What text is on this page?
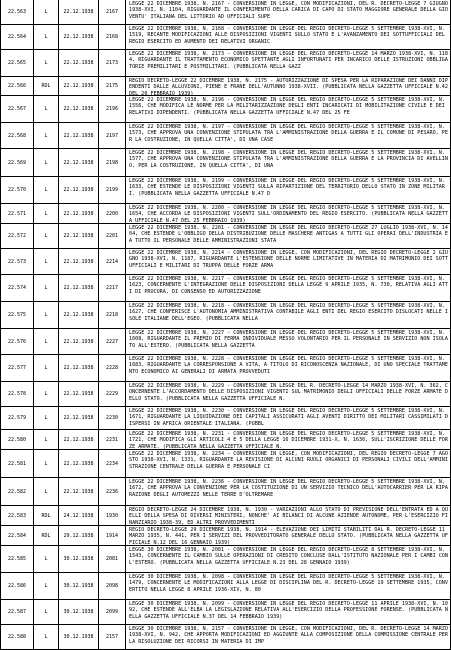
22.563	L	22.12.1938	2167
LEGGE 22 DICEMBRE 1938, N. 2167 - CONVERSIONE IN LEGGE, CON MODIFICAZIONI, DEL R. DECRETO-LEGGE 7 GIUGNO 1938-XVI, N. 1104, RIGUARDANTE IL CONFERIMENTO DELLA CARICA DI CAPO DI STATO MAGGIORE GENERALE DELLA GIOVENTU' ITALIANA DEL LITTORIO AD UFFICIALI SUPE
22.564	L	22.12.1938	2168
LEGGE 22 DICEMBRE 1938, N. 2168 - CONVERSIONE IN LEGGE DEL REGIO DECRETO-LEGGE 5 SETTEMBRE 1938-XVI, N. 1519, RECANTE MODIFICAZIONI ALLE DISPOSIZIONI VIGENTI SULLO STATO E L'AVANZAMENTO DEI SOTTUFFICIALI DEL REGIO ESERCITO ED AUMENTO DEI RELATIVI ORGANIC
22.565	L	22.12.1938	2173
LEGGE 22 DICEMBRE 1938, N. 2173 - CONVERSIONE IN LEGGE DEL REGIO DECRETO-LEGGE 14 MARZO 1938-XVI, N. 1184, RIGUARDANTE IL TRATTAMENTO ECONOMICO SPETTANTE AGLI INFORTUNATI PER INCARICO DELLE ISTRUZIONI OBBLIGATORIE PREMILITARI E POSTMILITARI. (PUBBLICATA NELLA GAZZ
22.566	RDL	22.12.1938	2175
REGIO DECRETO-LEGGE 22 DICEMBRE 1938, N. 2175 - AUTORIZZAZIONE DI SPESA PER LA RIPARAZIONE DEI DANNI DIPENDENTI DALLE ALLUVIONI, PIENE E FRANE DELL'AUTUNNO 1938-XVII. (PUBBLICATA NELLA GAZZETTA UFFICIALE N.42 DEL 20 FEBBRAIO 1939)
22.567	L	22.12.1938	2196
LEGGE 22 DICEMBRE 1938, N. 2196 - CONVERSIONE IN LEGGE DEL REGIO DECRETO-LEGGE 5 SETTEMBRE 1938-XVI, N. 1556, CHE MODIFICA LE NORME PER LA MILITARIZZAZIONE DEGLI ENTI INCARICATI DI MOBILITAZIONE CIVILE E DEI RELATIVI DIPENDENTI. (PUBBLICATA NELLA GAZZETTA UFFICIALE N.47 DEL 25 FE
22.568	L	22.12.1938	2197
LEGGE 22 DICEMBRE 1938, N. 2197 - CONVERSIONE IN LEGGE DEL REGIO DECRETO-LEGGE 5 SETTEMBRE 1938-XVI, N. 1573, CHE APPROVA UNA CONVENZIONE STIPULATA TRA L'AMMINISTRAZIONE DELLA GUERRA E IL COMUNE DI PESARO, PER LA COSTRUZIONE, IN QUELLA CITTA', DI UNA CASE
22.569	L	22.12.1938	2198
LEGGE 22 DICEMBRE 1938, N. 2198 - CONVERSIONE IN LEGGE DEL REGIO DECRETO-LEGGE 5 SETTEMBRE 1938-XVI, N. 1577, CHE APPROVA UNA CONVENZIONE STIPULATA TRA L'AMMINISTRAZIONE DELLA GUERRA E LA PROVINCIA DI AVELLINO, PER LA COSTRUZIONE, IN QUELLA CITTA', DI UNA
22.570	L	22.12.1938	2199
LEGGE 22 DICEMBRE 1938, N. 2199 - CONVERSIONE IN LEGGE DEL REGIO DECRETO-LEGGE 5 SETTEMBRE 1938-XVI, N. 1633, CHE ESTENDE LE DISPOSIZIONI VIGENTI SULLA RIPARTIZIONE DEL TERRITORIO DELLO STATO IN ZONE MILITARI. (PUBBLICATA NELLA GAZZETTA UFFICIALE N.47 D
22.571	L	22.12.1938	2200
LEGGE 22 DICEMBRE 1938, N. 2200 - CONVERSIONE IN LEGGE DEL REGIO DECRETO-LEGGE 5 SETTEMBRE 1938-XVI, N. 1654, CHE ACCORDA LE DISPOSIZIONI VIGENTI SULL'ORDINAMENTO DEL REGIO ESERCITO. (PUBBLICATA NELLA GAZZETTA UFFICIALE N.47 DEL 25 FEBBRAIO 1939)
22.572	L	22.12.1938	2201
LEGGE 22 DICEMBRE 1938, N. 2201 - CONVERSIONE IN LEGGE DEL REGIO DECRETO-LEGGE 27 LUGLIO 1938-XVI, N. 1404, CHE ESTENDE L'OBBLIGO DELLA DISTRIBUZIONE DELLE MASCHERE ANTIGAS A TUTTI GLI OPERAI DELL'INDUSTRIA E A TUTTO IL PERSONALE DELLE AMMINISTRAZIONI STATA
22.573	L	22.12.1938	2214
LEGGE 22 DICEMBRE 1938, N. 2214 - CONVERSIONE IN LEGGE, CON MODIFICAZIONI, DEL REGIO DECRETO-LEGGE 2 GIUGNO 1938-XVI, N. 1187, RIGUARDANTE L'ESTENSIONE DELLE NORME LIMITATIVE IN MATERIA DI MATRIMONIO DEI SOTTUFFICIALI E MILITARI DI TRUPPA DELLE FORZE ARMA
22.574	L	22.12.1938	2217
LEGGE 22 DICEMBRE 1938, N. 2217 - CONVERSIONE IN LEGGE DEL REGIO DECRETO-LEGGE 5 SETTEMBRE 1938-XVI, N. 1623, CONCERNENTE L'INTEGRAZIONE DELLE DISPOSIZIONI DELLA LEGGE 9 APRILE 1935, N. 730, RELATIVA AGLI ATTI DI PROCURA, DI CONSENSO ED AUTORIZZAZIONE
22.575	L	22.12.1938	2218
LEGGE 22 DICEMBRE 1938, N. 2218 - CONVERSIONE IN LEGGE DEL REGIO DECRETO-LEGGE 5 SETTEMBRE 1938-XVI, N. 1627, CHE CONFERISCE L'AUTONOMIA AMMINISTRATIVA CONTABILE AGLI ENTI DEL REGIO ESERCITO DISLOCATI NELLE ISOLE ITALIANE DELL'EGEO. (PUBBLICATA NELLA
22.576	L	22.12.1938	2227
LEGGE 22 DICEMBRE 1938, N. 2227 - CONVERSIONE IN LEGGE DEL REGIO DECRETO-LEGGE 5 SETTEMBRE 1938-XVI, N. 1608, RIGUARDANTE IL PREMIO DI FERMA INDIVIDUALE MESSO VOLONTARIO PER IL PERSONALE IN SERVIZIO NON ISOLATO ALL'ESTERO. (PUBBLICATA NELLA GAZZETTA
22.577	L	22.12.1938	2228
LEGGE 22 DICEMBRE 1938, N. 2228 - CONVERSIONE IN LEGGE DEL REGIO DECRETO-LEGGE 5 SETTEMBRE 1938-XVI, N. 1683, RIGUARDANTE LA CORRESPONSIONE A VITA, A TITOLO DI RICONOSCENZA NAZIONALE, DI UNO SPECIALE TRATTAMENTO ECONOMICO AI GENERALI DI ARMATA PROVVEDUTI
22.578	L	22.12.1938	2229
LEGGE 22 DICEMBRE 1938, N. 2229 - CONVERSIONE IN LEGGE DEL R. DECRETO-LEGGE 14 MARZO 1938-XVI, N. 362, CONCERNENTE L'ACCORDAMENTO DELLE DISPOSIZIONI VIGENTI SUL MATRIMONIO DEGLI UFFICIALI DELLE FORZE ARMATE DELLO STATO. (PUBBLICATA NELLA GAZZETTA UFFICIALE N.
22.579	L	22.12.1938	2230
LEGGE 22 DICEMBRE 1938, N. 2230 - CONVERSIONE IN LEGGE DEL REGIO DECRETO-LEGGE 5 SETTEMBRE 1938-XVI, N. 1671, RIGUARDANTE LA LIQUIDAZIONE DEI CAPITALI ASSICURATI AGLI AVENTI DIRITTO DEI MILITARI CASSIMILATI DISPERSI IN AFRICA ORIENTALE ITALIANA. (PUBBL
22.580	L	22.12.1938	2231
LEGGE 22 DICEMBRE 1938, N. 2231 - CONVERSIONE IN LEGGE DEL REGIO DECRETO-LEGGE 5 SETTEMBRE 1938-XVI, N. 1721, CHE MODIFICA GLI ARTICOLI 4 E 5 DELLA LEGGE 16 DICEMBRE 1931-X, N. 1630, SULL'ISCRIZIONE DELLE FORZE ARMATE. (PUBBLICATA NELLA GAZZETTA UFFICIALE N.
22.581	L	22.12.1938	2234
LEGGE 22 DICEMBRE 1938, N. 2234 - CONVERSIONE IN LEGGE, CON MODIFICAZIONI, DEL REGIO DECRETO-LEGGE 7 AGOSTO 1938-XVI, N. 1331, RIGUARDANTE LA REVISIONE DI ALCUNI RUOLI ORGANICI DI PERSONALI CIVILI DELL'AMMINISTRAZIONE CENTRALE DELLA GUERRA E PERSONALE CI
22.582	L	22.12.1938	2236
LEGGE 22 DICEMBRE 1938, N. 2236 - CONVERSIONE IN LEGGE DEL REGIO DECRETO-LEGGE 5 SETTEMBRE 1938-XVI, N. 1672, CHE APPROVA LA CONVENZIONE PER LA COSTITUZIONE DI UN SERVIZIO TECNICO DELL'AUTOCARRIER PER LA RIPARAZIONE DEGLI AUTOMEZZI NELLE TERRE D'OLTREMARE
22.583	RDL	24.12.1938	1930
REGIO DECRETO-LEGGE 24 DICEMBRE 1938, N. 1930 - VARIAZIONI ALLO STATO DI PREVISIONE DELL'ENTRATA ED A QUELLI DELLA SPESA DI DIVERSI MINISTERI, NONCHE' AI BILANCI DI ALCUNE AZIENDE AUTONOME, PER L'ESERCIZIO FINANZIARIO 1938-39, ED ALTRI PROVVEDIMENTI
22.584	RDL	29.12.1938	1914
REGIO DECRETO-LEGGE 29 DICEMBRE 1938, N. 1914 - ELEVAZIONE DEI LIMITI STABILITI DAL R. DECRETO-LEGGE 11 MARZO 1935, N. 441, PER I SERVIZI DEL PROVVEDITORATO GENERALE DELLO STATO. (PUBBLICATA NELLA GAZZETTA UFFICIALE N.12 DEL 16 GENNAIO 1939)
22.585	L	30.12.1938	2081
LEGGE 30 DICEMBRE 1938, N. 2081 - CONVERSIONE IN LEGGE DEL REGIO DECRETO-LEGGE 8 SETTEMBRE 1938-XVI, N. 1543, CONCERNENTE IL CAMBIO SULLE OPERAZIONI DI CREDITO CONCLUSE DALL'ISTITUTO NAZIONALE PER I CAMBI CON L'ESTERO. (PUBBLICATA NELLA GAZZETTA UFFICIALE N.23 DEL 28 GENNAIO 1939)
22.586	L	30.12.1938	2098
LEGGE 30 DICEMBRE 1938, N. 2098 - CONVERSIONE IN LEGGE DEL REGIO DECRETO-LEGGE 5 SETTEMBRE 1938-XVI, N. 1479, CONCERNENTE LE MODIFICAZIONI ALLA LEGGE DI DISCIPLINA DEL R. DECRETO-LEGGE 19 SETTEMBRE 1935, CONVERTITO NELLA LEGGE 8 APRILE 1936-XIV, N. 80
22.587	L	30.12.1938	2099
LEGGE 30 DICEMBRE 1938, N. 2099 - CONVERSIONE IN LEGGE DEL REGIO DECRETO-LEGGE 11 APRILE 1938-XVI, N. 1092, CHE ESTENDE ALL'ELBA LA LEGISLAZIONE RELATIVA ALL'ESERCIZIO DELLA PROFESSIONE FORENSE. (PUBBLICATA NELLA GAZZETTA UFFICIALE N.37 DEL 14 FEBBRAIO 1939)
22.588	L	30.12.1938	2157
LEGGE 30 DICEMBRE 1938, N. 2157 - CONVERSIONE IN LEGGE, CON MODIFICAZIONI, DEL R. DECRETO-LEGGE 14 MARZO 1938-XVI, N. 942, CHE APPORTA MODIFICAZIONI ED AGGIUNTE ALLA COMPOSIZIONE DELLA COMMISSIONE CENTRALE PER LA RISOLUZIONE DEI RICORSI IN MATERIA DI IMP
